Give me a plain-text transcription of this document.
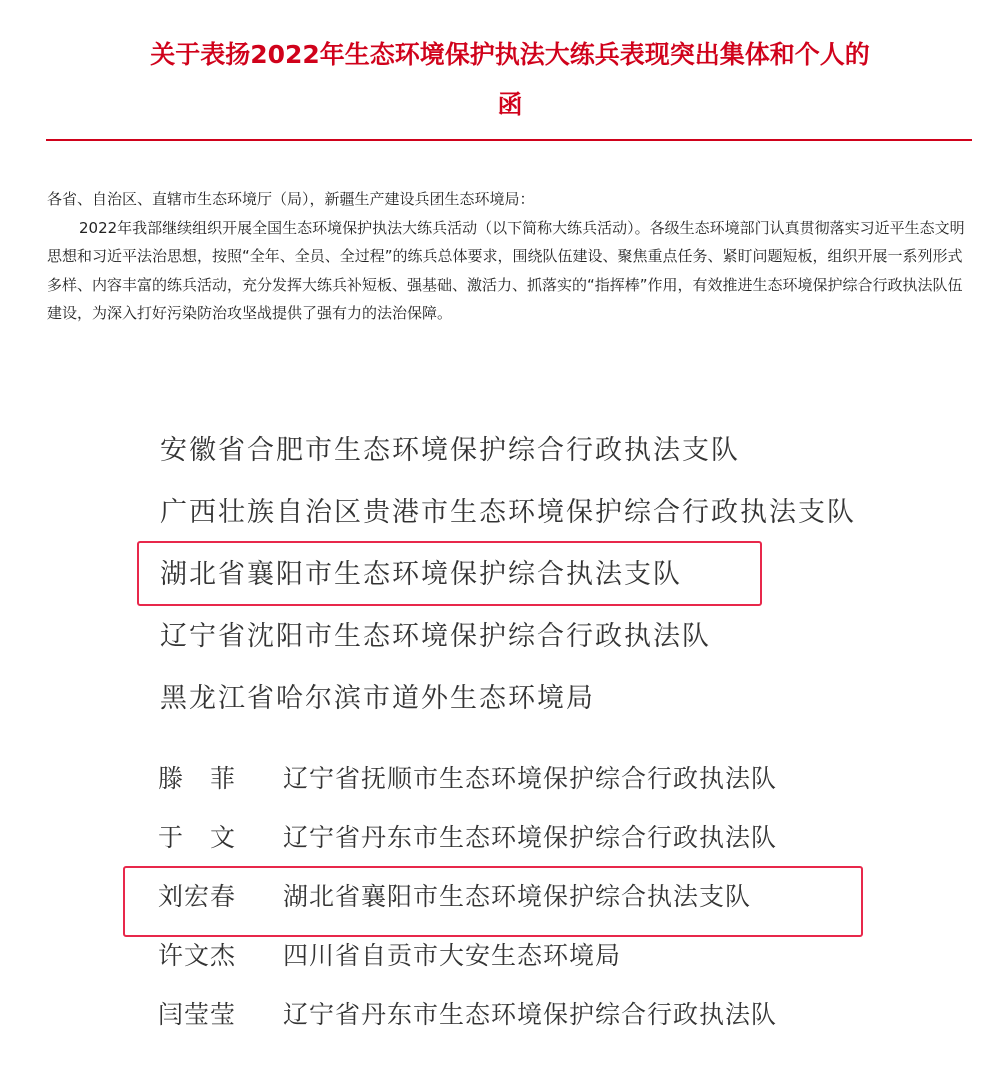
关于表扬2022年生态环境保护执法大练兵表现突出集体和个人的
函

各省、自治区、直辖市生态环境厅（局），新疆生产建设兵团生态环境局：

2022年我部继续组织开展全国生态环境保护执法大练兵活动（以下简称大练兵活动）。各级生态环境部门认真贯彻落实习近平生态文明思想和习近平法治思想，按照“全年、全员、全过程”的练兵总体要求，围绕队伍建设、聚焦重点任务、紧盯问题短板，组织开展一系列形式多样、内容丰富的练兵活动，充分发挥大练兵补短板、强基础、激活力、抓落实的“指挥棒”作用，有效推进生态环境保护综合行政执法队伍建设，为深入打好污染防治攻坚战提供了强有力的法治保障。

安徽省合肥市生态环境保护综合行政执法支队
广西壮族自治区贵港市生态环境保护综合行政执法支队
湖北省襄阳市生态环境保护综合执法支队
辽宁省沈阳市生态环境保护综合行政执法队
黑龙江省哈尔滨市道外生态环境局
滕　菲 辽宁省抚顺市生态环境保护综合行政执法队
于　文 辽宁省丹东市生态环境保护综合行政执法队
刘宏春 湖北省襄阳市生态环境保护综合执法支队
许文杰 四川省自贡市大安生态环境局
闫莹莹 辽宁省丹东市生态环境保护综合行政执法队
